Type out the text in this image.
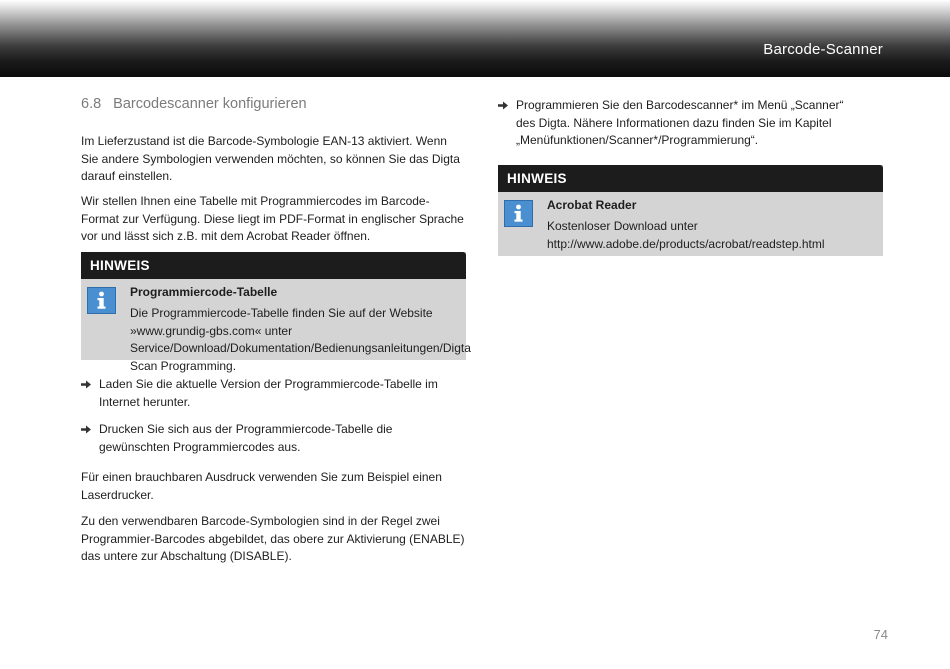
Barcode-Scanner
6.8 Barcodescanner konfigurieren

Im Lieferzustand ist die Barcode-Symbologie EAN-13 aktiviert. Wenn Sie andere Symbologien verwenden möchten, so können Sie das Digta darauf einstellen.

Wir stellen Ihnen eine Tabelle mit Programmiercodes im Barcode-Format zur Verfügung. Diese liegt im PDF-Format in englischer Sprache vor und lässt sich z.B. mit dem Acrobat Reader öffnen.

HINWEIS
Programmiercode-Tabelle

Die Programmiercode-Tabelle finden Sie auf der Website »www.grundig-gbs.com« unter Service/Download/Dokumentation/Bedienungsanleitungen/Digta Scan Programming.

Laden Sie die aktuelle Version der Programmiercode-Tabelle im Internet herunter.
Drucken Sie sich aus der Programmiercode-Tabelle die gewünschten Programmiercodes aus.

Für einen brauchbaren Ausdruck verwenden Sie zum Beispiel einen Laserdrucker.

Zu den verwendbaren Barcode-Symbologien sind in der Regel zwei Programmier-Barcodes abgebildet, das obere zur Aktivierung (ENABLE) das untere zur Abschaltung (DISABLE).

Programmieren Sie den Barcodescanner* im Menü „Scanner“ des Digta. Nähere Informationen dazu finden Sie im Kapitel „Menüfunktionen/Scanner*/Programmierung“.
HINWEIS
Acrobat Reader

Kostenloser Download unter http://www.adobe.de/products/acrobat/readstep.html

74
